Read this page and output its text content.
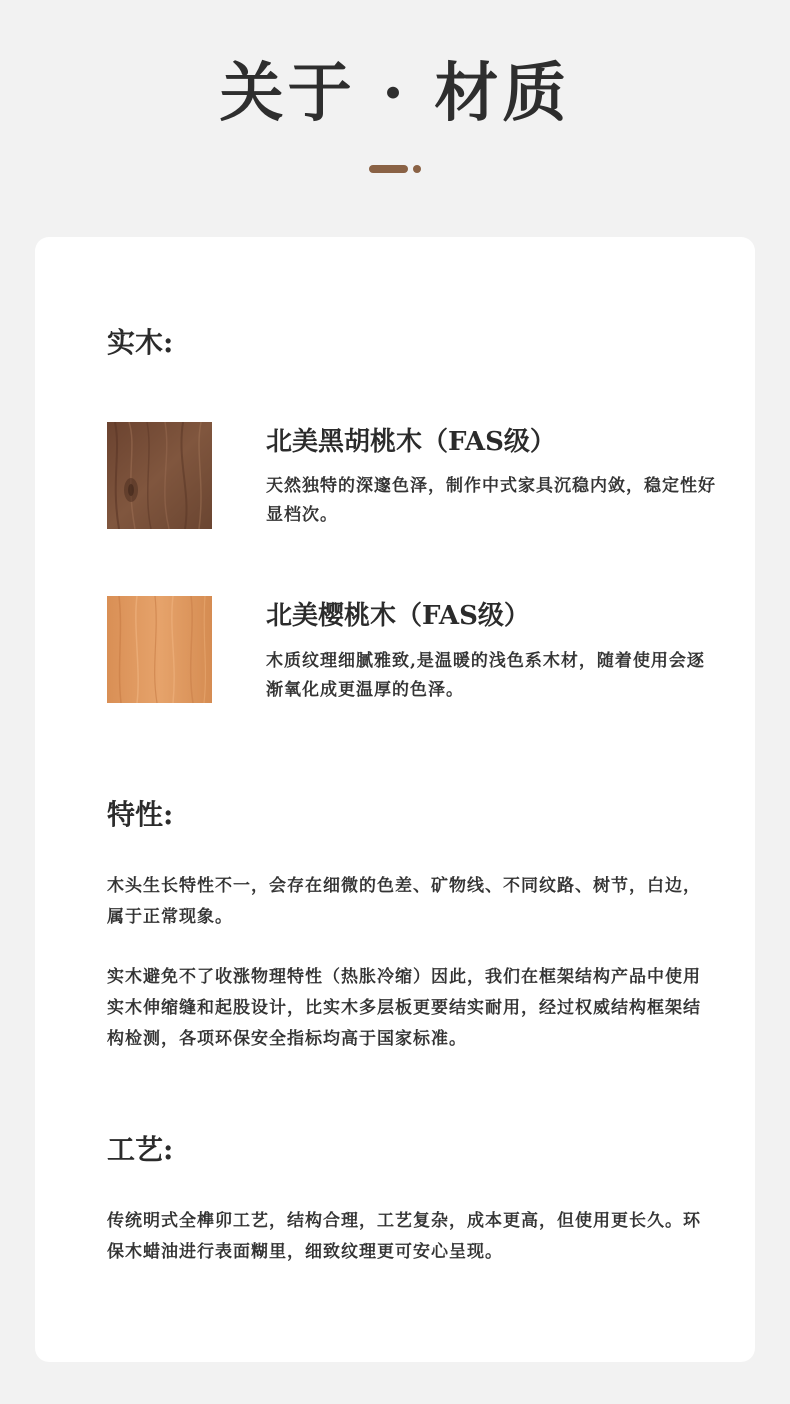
关于 · 材质
实木:
北美黑胡桃木（FAS级）
天然独特的深邃色泽，制作中式家具沉稳内敛，稳定性好显档次。
北美樱桃木（FAS级）
木质纹理细腻雅致,是温暖的浅色系木材，随着使用会逐渐氧化成更温厚的色泽。
特性:
木头生长特性不一，会存在细微的色差、矿物线、不同纹路、树节，白边，属于正常现象。
实木避免不了收涨物理特性（热胀冷缩）因此，我们在框架结构产品中使用实木伸缩缝和起股设计，比实木多层板更要结实耐用，经过权威结构框架结构检测，各项环保安全指标均高于国家标准。
工艺:
传统明式全榫卯工艺，结构合理，工艺复杂，成本更高，但使用更长久。环保木蜡油进行表面糊里，细致纹理更可安心呈现。
